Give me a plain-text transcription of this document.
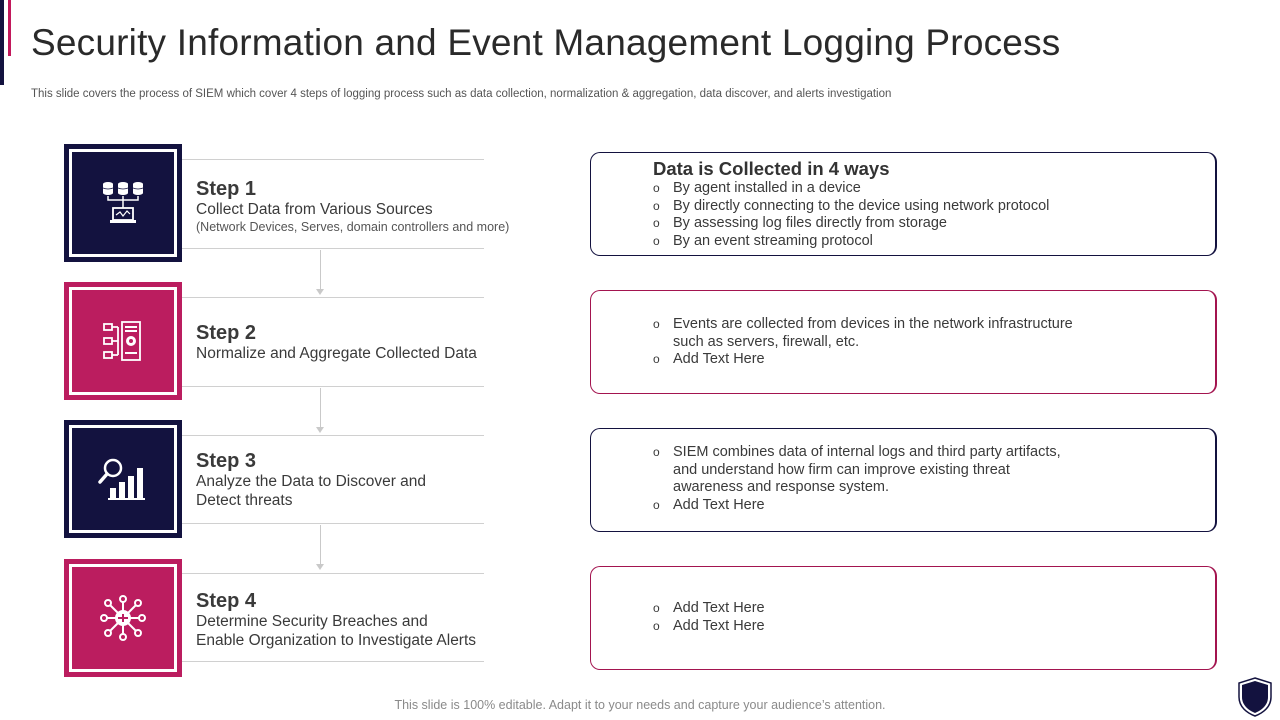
Security Information and Event Management Logging Process
This slide covers the process of SIEM which cover 4 steps of logging process such as data collection, normalization & aggregation, data discover, and alerts investigation
Step 1
Collect Data from Various Sources
(Network Devices, Serves, domain controllers and more)
Step 2
Normalize and Aggregate Collected Data
Step 3
Analyze the Data to Discover and
Detect threats
Step 4
Determine Security Breaches and
Enable Organization to Investigate Alerts
Data is Collected in 4 ways
o By agent installed in a device
o By directly connecting to the device using network protocol
o By assessing log files directly from storage
o By an event streaming protocol
o Events are collected from devices in the network infrastructure
such as servers, firewall, etc.
o Add Text Here
o SIEM combines data of internal logs and third party artifacts,
and understand how firm can improve existing threat
awareness and response system.
o Add Text Here
o Add Text Here
o Add Text Here
This slide is 100% editable. Adapt it to your needs and capture your audience’s attention.
